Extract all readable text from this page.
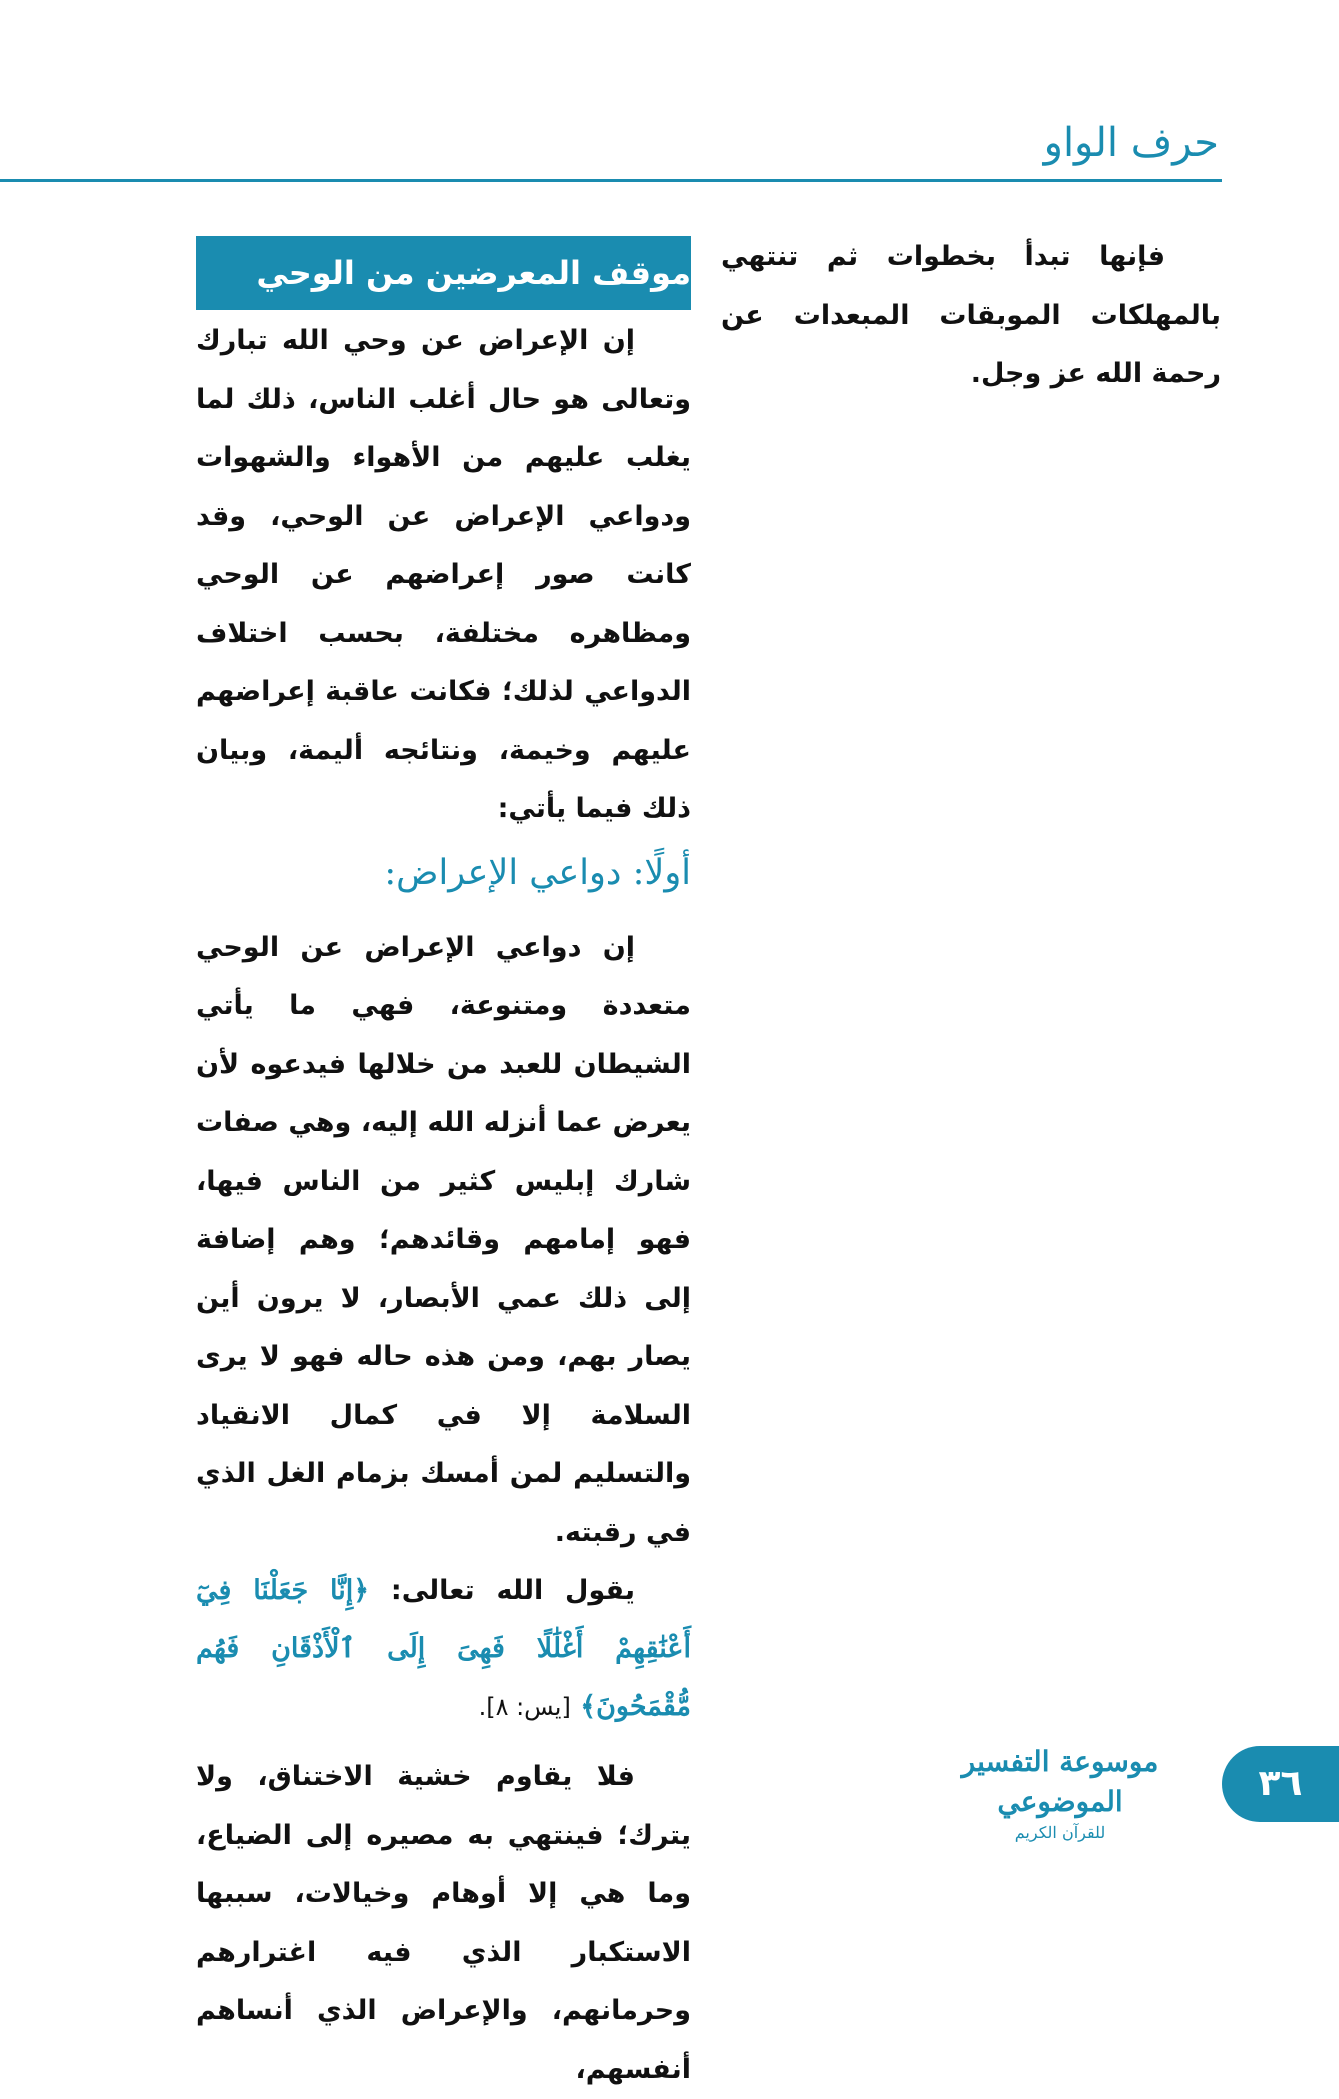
حرف الواو

فإنها تبدأ بخطوات ثم تنتهي بالمهلكات الموبقات المبعدات عن رحمة الله عز وجل.

موقف المعرضين من الوحي

إن الإعراض عن وحي الله تبارك وتعالى هو حال أغلب الناس، ذلك لما يغلب عليهم من الأهواء والشهوات ودواعي الإعراض عن الوحي، وقد كانت صور إعراضهم عن الوحي ومظاهره مختلفة، بحسب اختلاف الدواعي لذلك؛ فكانت عاقبة إعراضهم عليهم وخيمة، ونتائجه أليمة، وبيان ذلك فيما يأتي:

أولًا: دواعي الإعراض:

إن دواعي الإعراض عن الوحي متعددة ومتنوعة، فهي ما يأتي الشيطان للعبد من خلالها فيدعوه لأن يعرض عما أنزله الله إليه، وهي صفات شارك إبليس كثير من الناس فيها، فهو إمامهم وقائدهم؛ وهم إضافة إلى ذلك عمي الأبصار، لا يرون أين يصار بهم، ومن هذه حاله فهو لا يرى السلامة إلا في كمال الانقياد والتسليم لمن أمسك بزمام الغل الذي في رقبته.

يقول الله تعالى: ﴿إِنَّا جَعَلْنَا فِيٓ أَعْنَٰقِهِمْ أَغْلَٰلًا فَهِىَ إِلَى ٱلْأَذْقَانِ فَهُم مُّقْمَحُونَ﴾ [يس: ٨].

فلا يقاوم خشية الاختناق، ولا يترك؛ فينتهي به مصيره إلى الضياع، وما هي إلا أوهام وخيالات، سببها الاستكبار الذي فيه اغترارهم وحرمانهم، والإعراض الذي أنساهم أنفسهم،

٣٦
موسوعة التفسير الموضوعي
للقرآن الكريم
